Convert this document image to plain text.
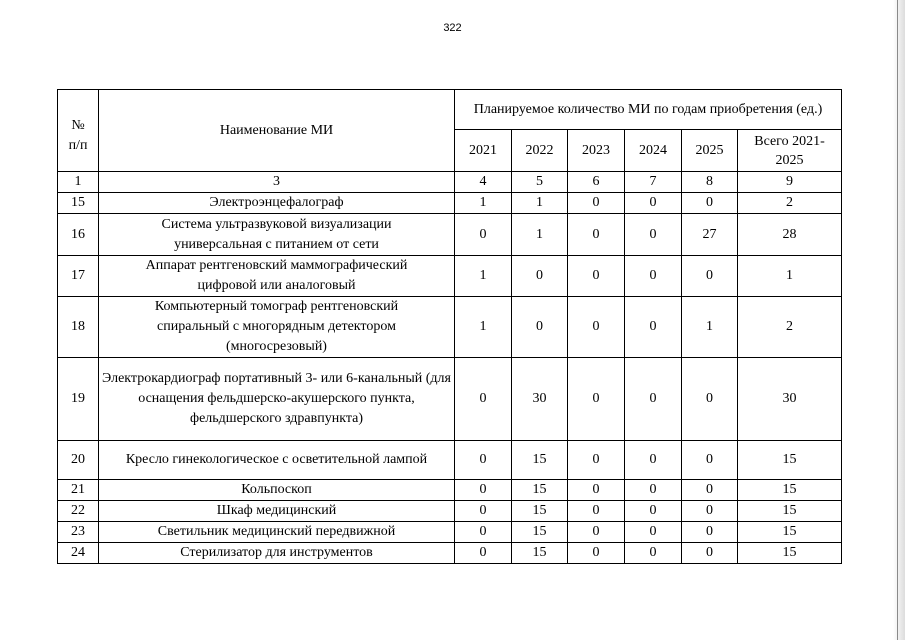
322
№
п/п	Наименование МИ	Планируемое количество МИ по годам приобретения (ед.)					
		2021	2022	2023	2024	2025	Всего 2021-2025
1	3	4	5	6	7	8	9
15	Электроэнцефалограф	1	1	0	0	0	2
16	Система ультразвуковой визуализации универсальная с питанием от сети	0	1	0	0	27	28
17	Аппарат рентгеновский маммографический цифровой или аналоговый	1	0	0	0	0	1
18	Компьютерный томограф рентгеновский спиральный с многорядным детектором (многосрезовый)	1	0	0	0	1	2
19	Электрокардиограф портативный 3- или 6-канальный (для оснащения фельдшерско-акушерского пункта, фельдшерского здравпункта)	0	30	0	0	0	30
20	Кресло гинекологическое с осветительной лампой	0	15	0	0	0	15
21	Кольпоскоп	0	15	0	0	0	15
22	Шкаф медицинский	0	15	0	0	0	15
23	Светильник медицинский передвижной	0	15	0	0	0	15
24	Стерилизатор для инструментов	0	15	0	0	0	15
